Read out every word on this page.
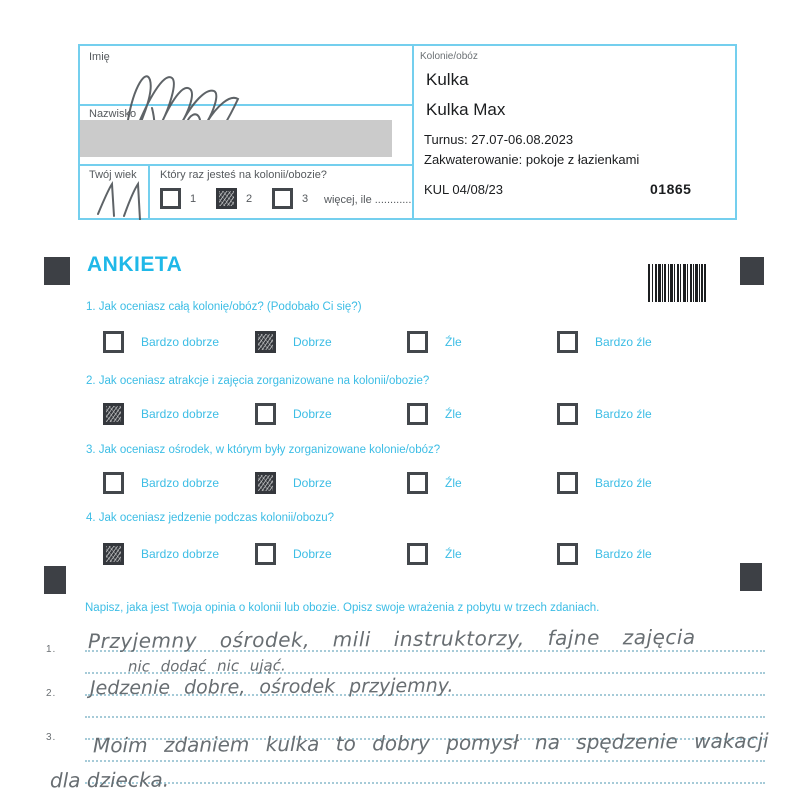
Imię
Nazwisko
Twój wiek Który raz jesteś na kolonii/obozie?
1	2	3 więcej, ile ............
Kolonie/obóz
Kulka
Kulka Max
Turnus: 27.07-06.08.2023
Zakwaterowanie: pokoje z łazienkami
KUL 04/08/23	01865
ANKIETA
1. Jak oceniasz całą kolonię/obóz? (Podobało Ci się?)
Bardzo dobrze	Dobrze	Źle	Bardzo źle
2. Jak oceniasz atrakcje i zajęcia zorganizowane na kolonii/obozie?
Bardzo dobrze	Dobrze	Źle	Bardzo źle
3. Jak oceniasz ośrodek, w którym były zorganizowane kolonie/obóz?
Bardzo dobrze	Dobrze	Źle	Bardzo źle
4. Jak oceniasz jedzenie podczas kolonii/obozu?
Bardzo dobrze	Dobrze	Źle	Bardzo źle
Napisz, jaka jest Twoja opinia o kolonii lub obozie. Opisz swoje wrażenia z pobytu w trzech zdaniach.
1.
2.
3.
Przyjemny ośrodek, mili instruktorzy, fajne zajęcia
nic dodać nic ująć.
Jedzenie dobre, ośrodek przyjemny.
Moim zdaniem kulka to dobry pomysł na spędzenie wakacji
dla dziecka.
